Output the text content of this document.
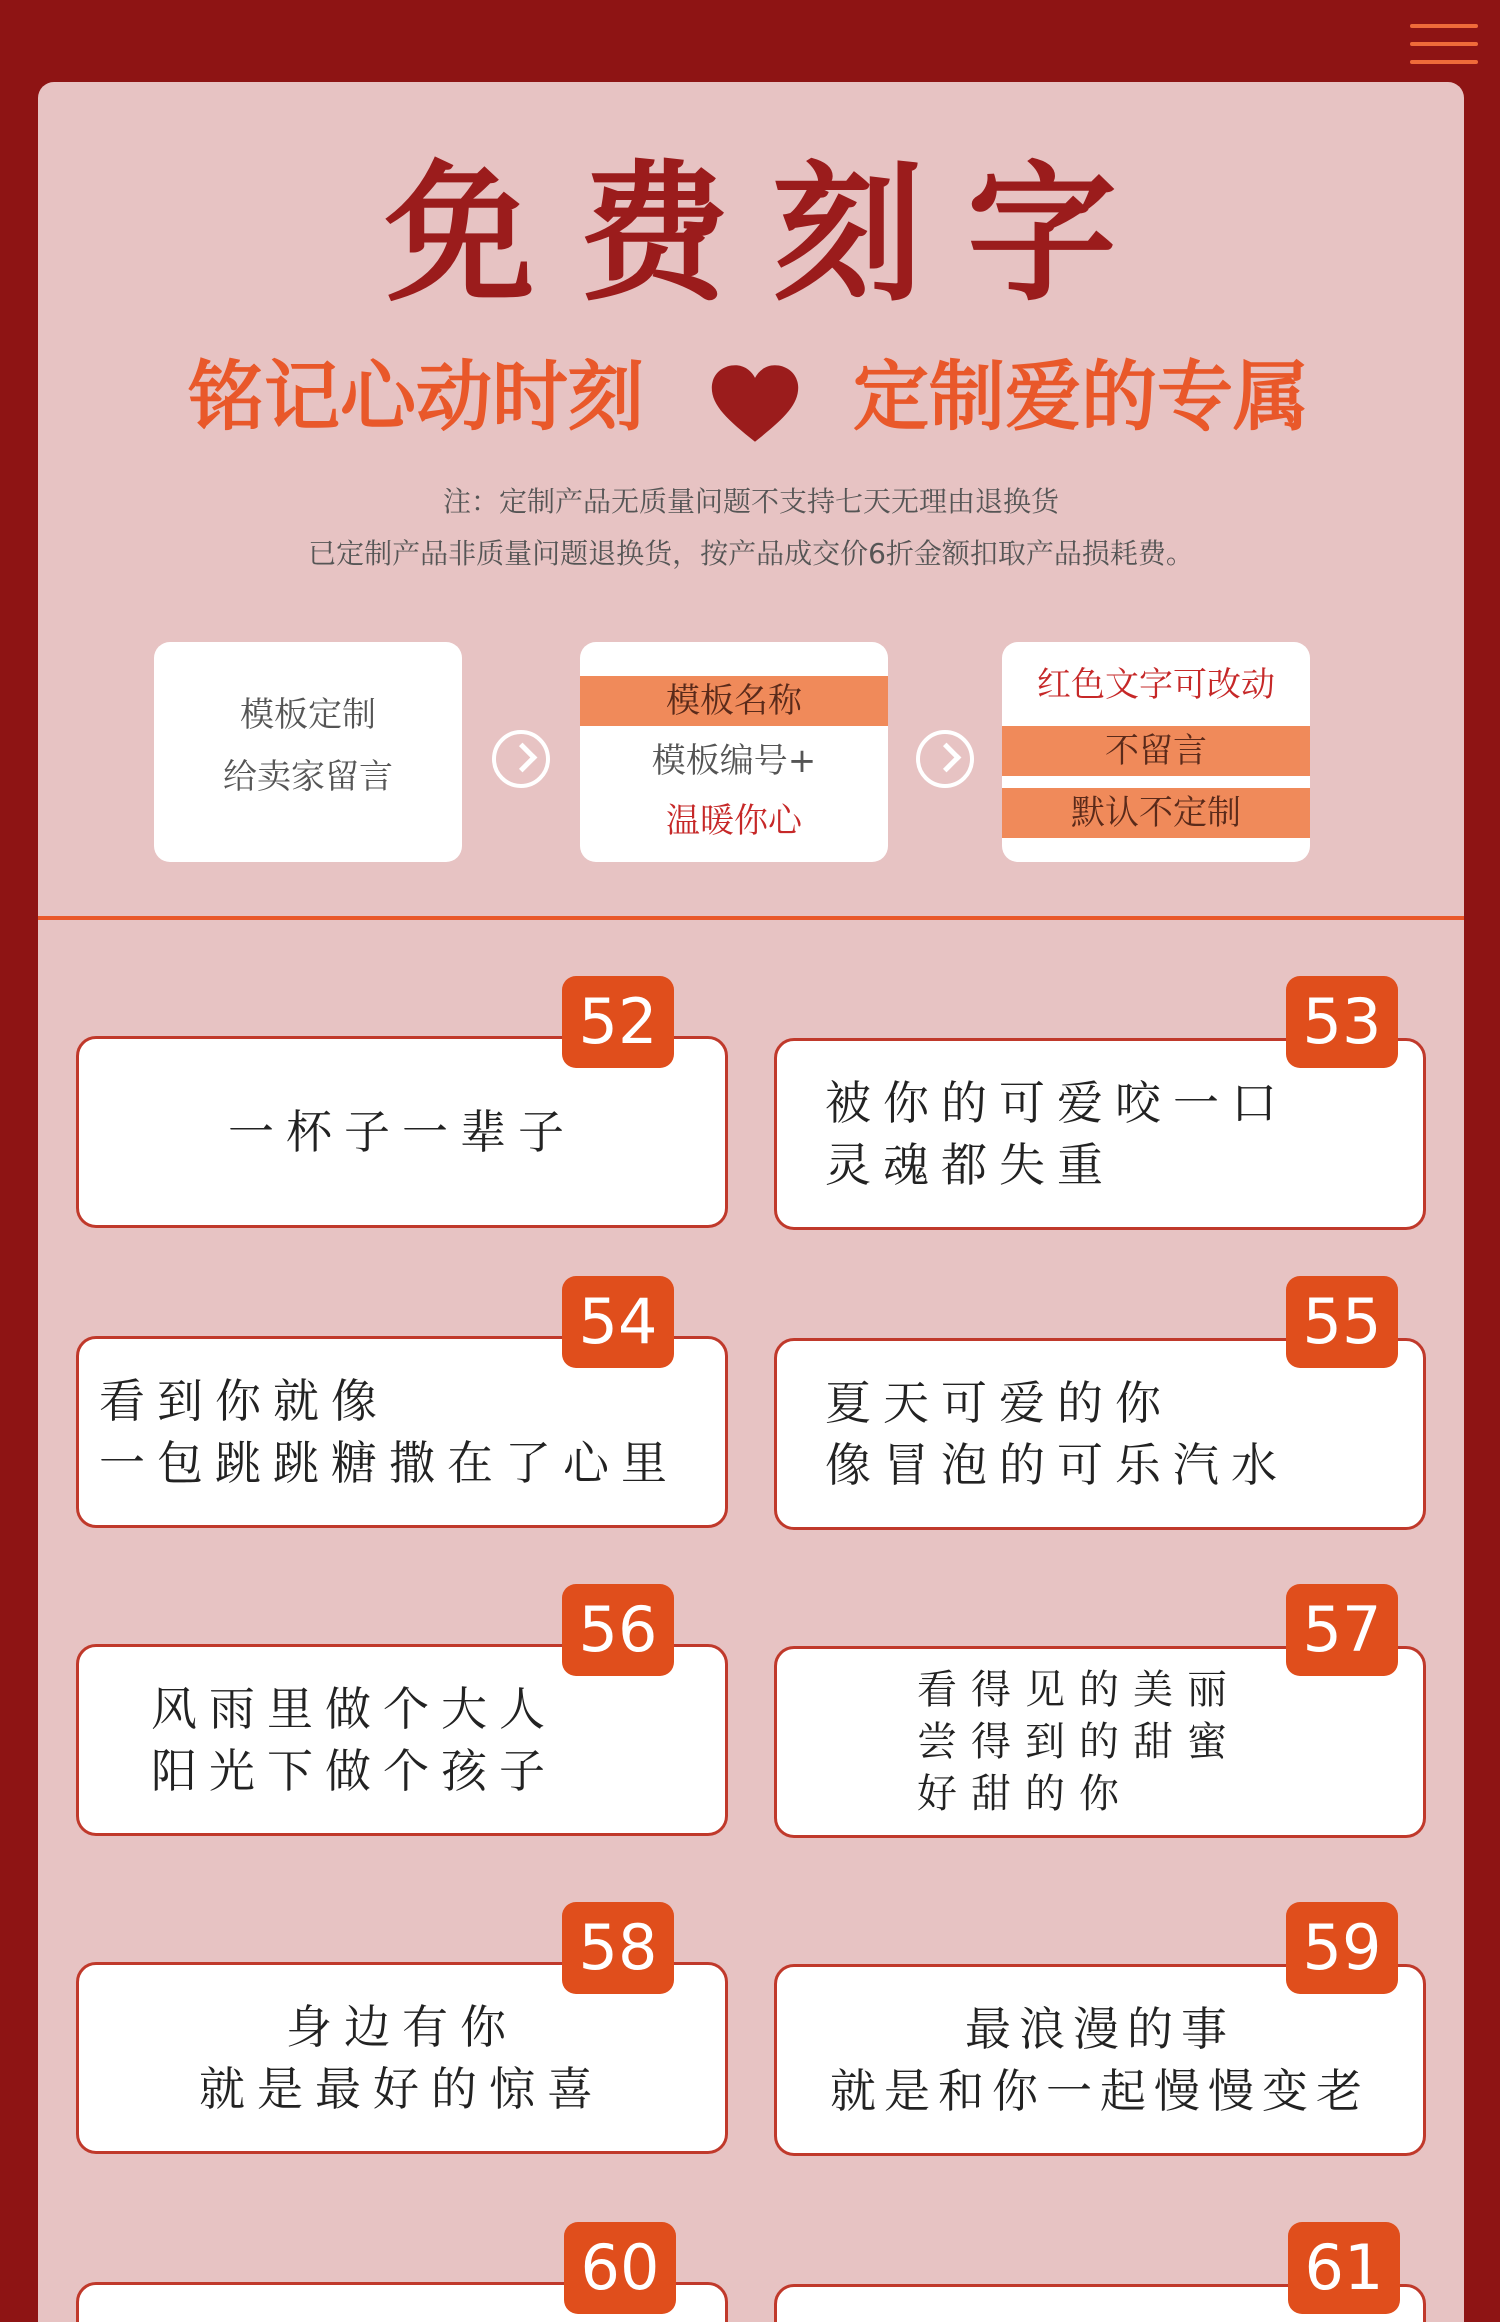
免费刻字
铭记心动时刻	定制爱的专属
注：定制产品无质量问题不支持七天无理由退换货
已定制产品非质量问题退换货，按产品成交价6折金额扣取产品损耗费。
模板定制
给卖家留言
模板名称
模板编号+
温暖你心
红色文字可改动
不留言
默认不定制
一杯子一辈子
52
被你的可爱咬一口
灵魂都失重
53
看到你就像
一包跳跳糖撒在了心里
54
夏天可爱的你
像冒泡的可乐汽水
55
风雨里做个大人
阳光下做个孩子
56
看得见的美丽
尝得到的甜蜜
好甜的你
57
身边有你
就是最好的惊喜
58
最浪漫的事
就是和你一起慢慢变老
59
60	61
